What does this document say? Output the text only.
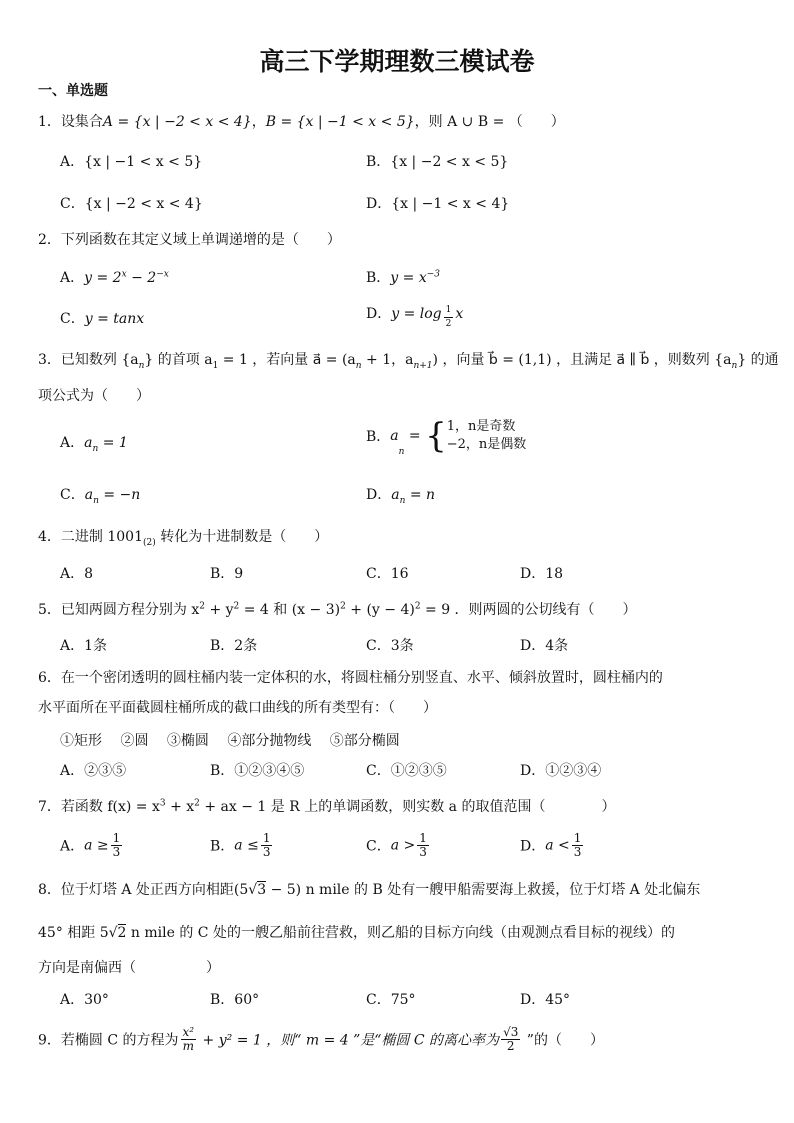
高三下学期理数三模试卷
一、单选题
1．设集合A = {x | −2 < x < 4}，B = {x | −1 < x < 5}，则 A ∪ B = （　　）
A．{x | −1 < x < 5}	B．{x | −2 < x < 5}
C．{x | −2 < x < 4}	D．{x | −1 < x < 4}
2．下列函数在其定义域上单调递增的是（　　）
A．$y = 2^x - 2^{-x}$	B．$y = x^{-3}$
C．y = tanx	D．$y = \log \frac{1}{2}$ x
3．已知数列 $\{a_n\}$ 的首项 $a_1 = 1$ ，若向量 a⃗ = ($a_n + 1$，$a_{n+1}$) ，向量 b⃗ = (1,1) ，且满足 a⃗ ∥ b⃗ ，则数列 $\{a_n\}$ 的通
项公式为（　　）
A．$a_n = 1$	B．$a_n$ = { 1，n是奇数
−2，n是偶数
C．$a_n = -n$	D．$a_n = n$
4．二进制 $1001_{(2)}$ 转化为十进制数是（　　）
A．8	B．9	C．16	D．18
5．已知两圆方程分别为 $x^2 + y^2 = 4$ 和 $(x - 3)^2 + (y - 4)^2 = 9$ ．则两圆的公切线有（　　）
A．1条	B．2条	C．3条	D．4条
6．在一个密闭透明的圆柱桶内装一定体积的水，将圆柱桶分别竖直、水平、倾斜放置时，圆柱桶内的
水平面所在平面截圆柱桶所成的截口曲线的所有类型有：（　　）
①矩形　 ②圆　 ③椭圆　 ④部分抛物线　 ⑤部分椭圆
A．②③⑤	B．①②③④⑤	C．①②③⑤	D．①②③④
7．若函数 $f(x) = x^3 + x^2$ + ax − 1 是 R 上的单调函数，则实数 a 的取值范围（　　　　）
A．$a \ge \frac{1}{3}$	B．$a \le \frac{1}{3}$	C．$a > \frac{1}{3}$	D．$a < \frac{1}{3}$
8．位于灯塔 A 处正西方向相距(5√3 − 5) n mile 的 B 处有一艘甲船需要海上救援，位于灯塔 A 处北偏东
45° 相距 5√2 n mile 的 C 处的一艘乙船前往营救，则乙船的目标方向线（由观测点看目标的视线）的
方向是南偏西（　　　　　）
A．30°	B．60°	C．75°	D．45°
9．若椭圆 C 的方程为 $\frac{\text{x²}}{m} + y^2 = 1$ ，则“ m = 4 ”是“椭圆 C 的离心率为 $\frac{√3}{2}$ ”的（　　）
